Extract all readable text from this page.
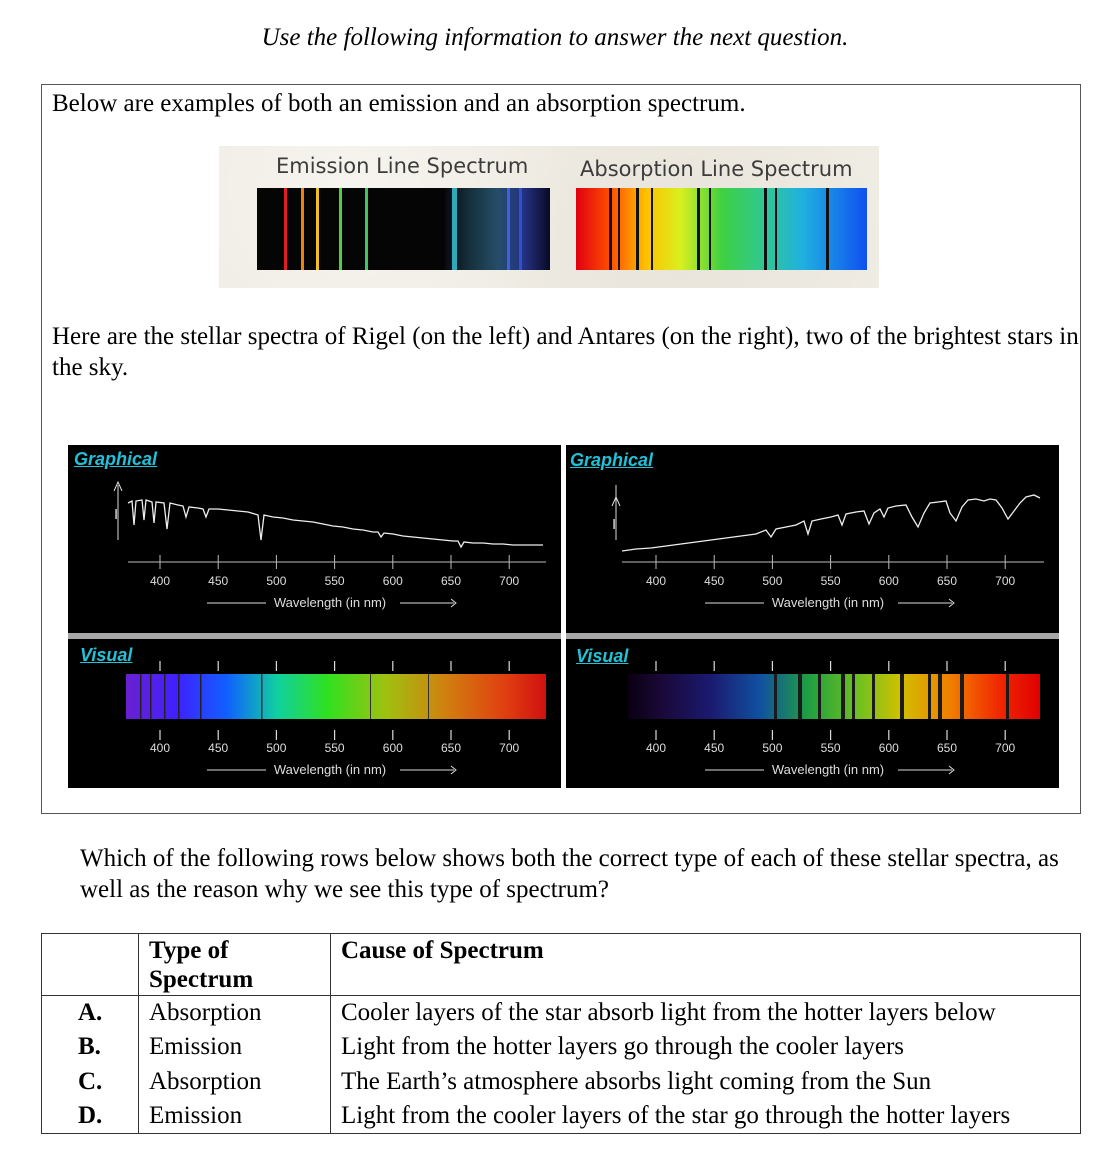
Use the following information to answer the next question.
Below are examples of both an emission and an absorption spectrum.
Emission Line Spectrum Absorption Line Spectrum
Here are the stellar spectra of Rigel (on the left) and Antares (on the right), two of the brightest stars in the sky.
Graphical
I
400	450	500	550	600	650	700
Wavelength (in nm)
400	450	500	550	600	650	700
Wavelength (in nm)
Visual
Graphical
I
400	450	500	550	600	650	700
Wavelength (in nm)
400	450	500	550	600	650	700
Wavelength (in nm)
Visual
Which of the following rows below shows both the correct type of each of these stellar spectra, as well as the reason why we see this type of spectrum?
	Type of Spectrum	Cause of Spectrum
A.	Absorption	Cooler layers of the star absorb light from the hotter layers below
B.	Emission	Light from the hotter layers go through the cooler layers
C.	Absorption	The Earth’s atmosphere absorbs light coming from the Sun
D.	Emission	Light from the cooler layers of the star go through the hotter layers
